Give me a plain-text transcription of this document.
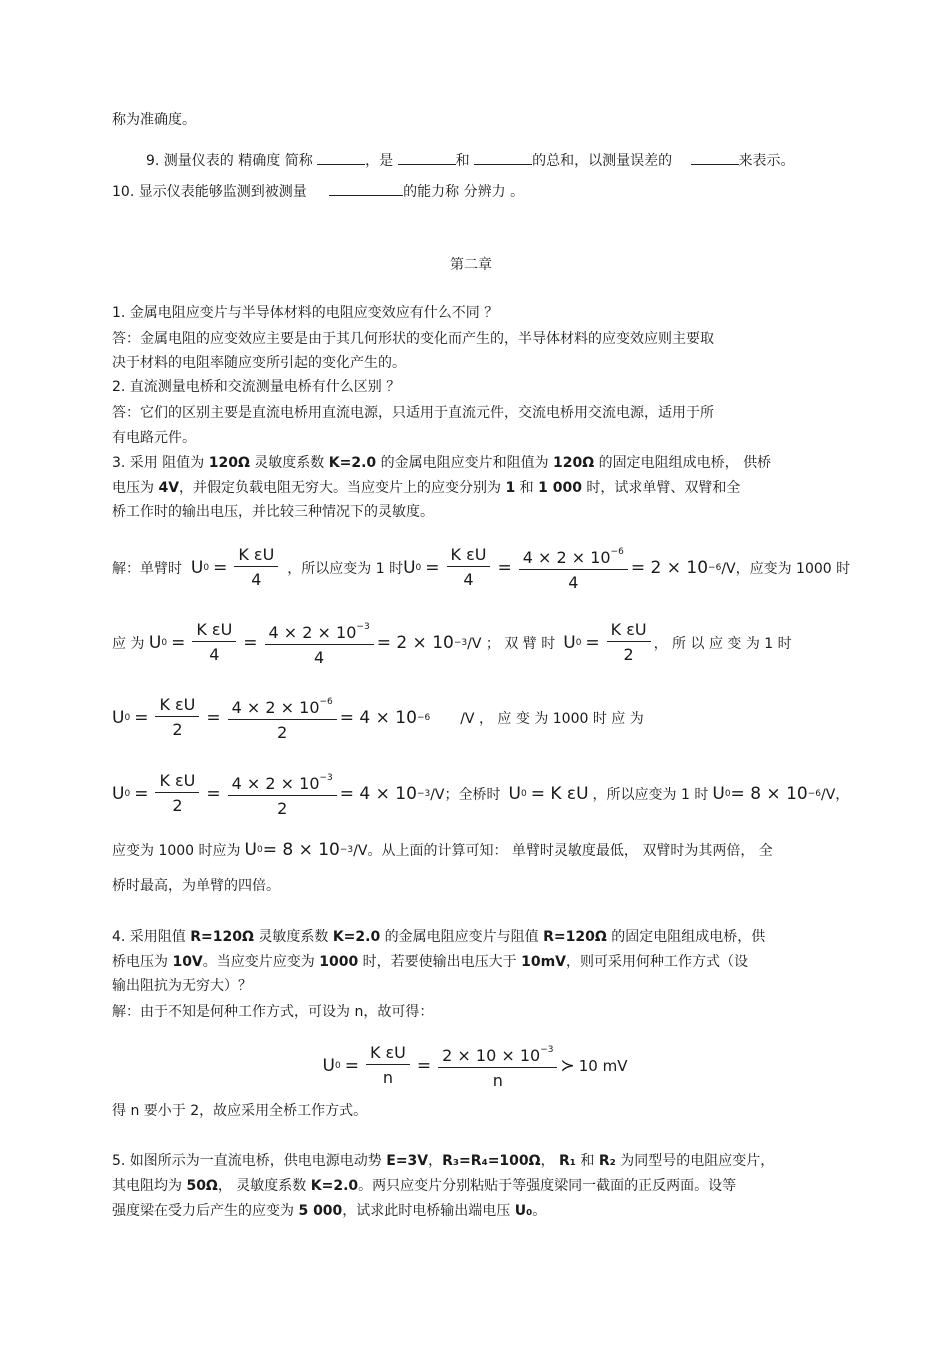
称为准确度。
9. 测量仪表的 精确度 简称	，是	和	的总和，以测量误差的	来表示。
10. 显示仪表能够监测到被测量	的能力称 分辨力 。
第二章
1. 金属电阻应变片与半导体材料的电阻应变效应有什么不同 ？
答：金属电阻的应变效应主要是由于其几何形状的变化而产生的，半导体材料的应变效应则主要取
决于材料的电阻率随应变所引起的变化产生的。
2. 直流测量电桥和交流测量电桥有什么区别 ？
答：它们的区别主要是直流电桥用直流电源，只适用于直流元件，交流电桥用交流电源，适用于所
有电路元件。
3. 采用 阻值为 120Ω 灵敏度系数 K=2.0 的金属电阻应变片和阻值为 120Ω 的固定电阻组成电桥， 供桥
电压为 4V，并假定负载电阻无穷大。当应变片上的应变分别为 1 和 1 000 时，试求单臂、双臂和全
桥工作时的输出电压，并比较三种情况下的灵敏度。
解：单臂时
U $0 = \frac{\text{K εU}}{4}$ ，所以应变为 1 时 U $0 = \frac{\text{K εU}}{4} = \frac{4 \times 2 \times 10^{-6}}{4} = 2 \times 10 -6$ /V，应变为 1000 时
应 为
U $0 = \frac{\text{K εU}}{4} = \frac{4 \times 2 \times 10^{-3}}{4} = 2 \times 10 -3$ /V ； 双 臂 时 U $0 = \frac{\text{K εU}}{2}$ ， 所 以 应 变 为 1 时
U $0 = \frac{\text{K εU}}{2} = \frac{4 \times 2 \times 10^{-6}}{2} = 4 \times 10 -6$ /V ， 应 变 为 1000 时 应 为
U $0 = \frac{\text{K εU}}{2} = \frac{4 \times 2 \times 10^{-3}}{2} = 4 \times 10 -3$ /V；全桥时 U 0 = K εU ，所以应变为 1 时 U 0 = 8 × 10 −6 /V，
应变为 1000 时应为 U 0 = 8 × 10 −3 /V。从上面的计算可知： 单臂时灵敏度最低， 双臂时为其两倍， 全
桥时最高，为单臂的四倍。
4. 采用阻值 R=120Ω 灵敏度系数 K=2.0 的金属电阻应变片与阻值 R=120Ω 的固定电阻组成电桥，供
桥电压为 10V。当应变片应变为 1000 时，若要使输出电压大于 10mV，则可采用何种工作方式（设
输出阻抗为无穷大）？
解：由于不知是何种工作方式，可设为 n，故可得：
U $0 = \frac{\text{K εU}}{n} = \frac{2 \times 10 \times 10^{-3}}{n}$ ≻ 10 mV
得 n 要小于 2，故应采用全桥工作方式。
5. 如图所示为一直流电桥，供电电源电动势 E=3V，R₃=R₄=100Ω， R₁ 和 R₂ 为同型号的电阻应变片，
其电阻均为 50Ω， 灵敏度系数 K=2.0。两只应变片分别粘贴于等强度梁同一截面的正反两面。设等
强度梁在受力后产生的应变为 5 000，试求此时电桥输出端电压 U₀。
